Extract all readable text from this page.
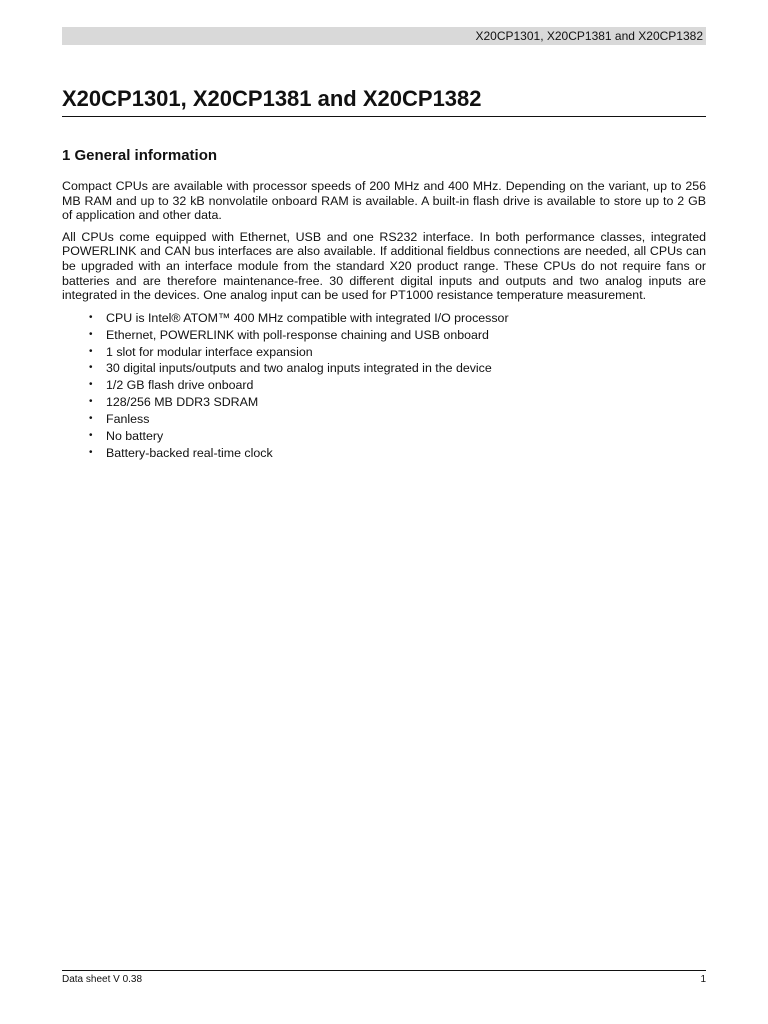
X20CP1301, X20CP1381 and X20CP1382
X20CP1301, X20CP1381 and X20CP1382
1 General information

Compact CPUs are available with processor speeds of 200 MHz and 400 MHz. Depending on the variant, up to 256 MB RAM and up to 32 kB nonvolatile onboard RAM is available. A built-in flash drive is available to store up to 2 GB of application and other data.

All CPUs come equipped with Ethernet, USB and one RS232 interface. In both performance classes, integrated POWERLINK and CAN bus interfaces are also available. If additional fieldbus connections are needed, all CPUs can be upgraded with an interface module from the standard X20 product range. These CPUs do not require fans or batteries and are therefore maintenance-free. 30 different digital inputs and outputs and two analog inputs are integrated in the devices. One analog input can be used for PT1000 resistance temperature measurement.

• CPU is Intel® ATOM™ 400 MHz compatible with integrated I/O processor
• Ethernet, POWERLINK with poll-response chaining and USB onboard
• 1 slot for modular interface expansion
• 30 digital inputs/outputs and two analog inputs integrated in the device
• 1/2 GB flash drive onboard
• 128/256 MB DDR3 SDRAM
• Fanless
• No battery
• Battery-backed real-time clock
Data sheet V 0.38	1
